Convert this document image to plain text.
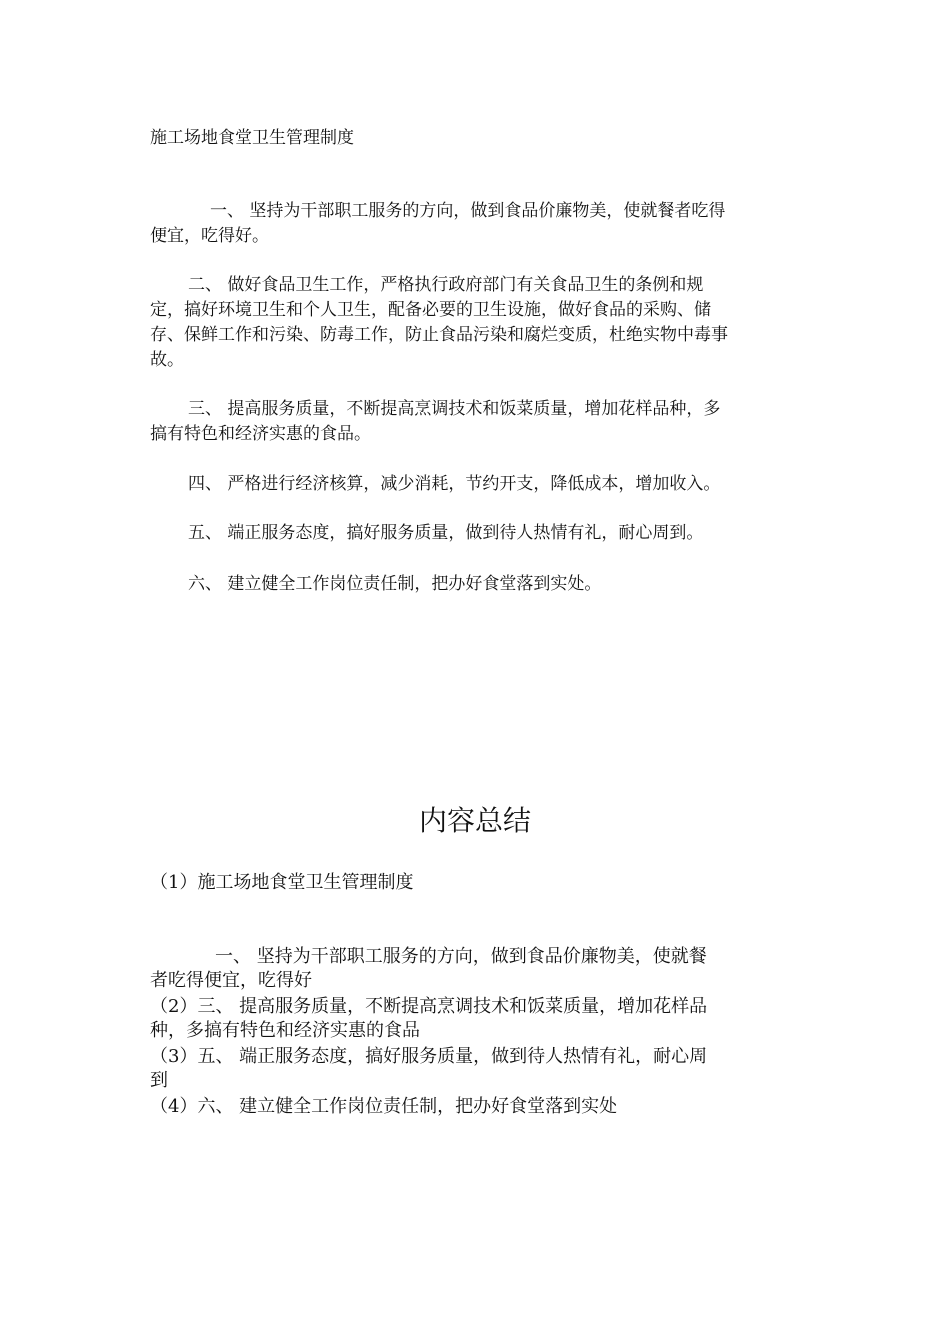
施工场地食堂卫生管理制度

一、 坚持为干部职工服务的方向，做到食品价廉物美，使就餐者吃得
便宜，吃得好。

二、 做好食品卫生工作，严格执行政府部门有关食品卫生的条例和规
定，搞好环境卫生和个人卫生，配备必要的卫生设施，做好食品的采购、储
存、保鲜工作和污染、防毒工作，防止食品污染和腐烂变质，杜绝实物中毒事
故。

三、 提高服务质量，不断提高烹调技术和饭菜质量，增加花样品种，多
搞有特色和经济实惠的食品。

四、 严格进行经济核算，减少消耗，节约开支，降低成本，增加收入。

五、 端正服务态度，搞好服务质量，做到待人热情有礼，耐心周到。

六、 建立健全工作岗位责任制，把办好食堂落到实处。

内容总结

（1）施工场地食堂卫生管理制度

一、 坚持为干部职工服务的方向，做到食品价廉物美，使就餐
者吃得便宜，吃得好

（2）三、 提高服务质量，不断提高烹调技术和饭菜质量，增加花样品
种，多搞有特色和经济实惠的食品

（3）五、 端正服务态度，搞好服务质量，做到待人热情有礼，耐心周
到

（4）六、 建立健全工作岗位责任制，把办好食堂落到实处
